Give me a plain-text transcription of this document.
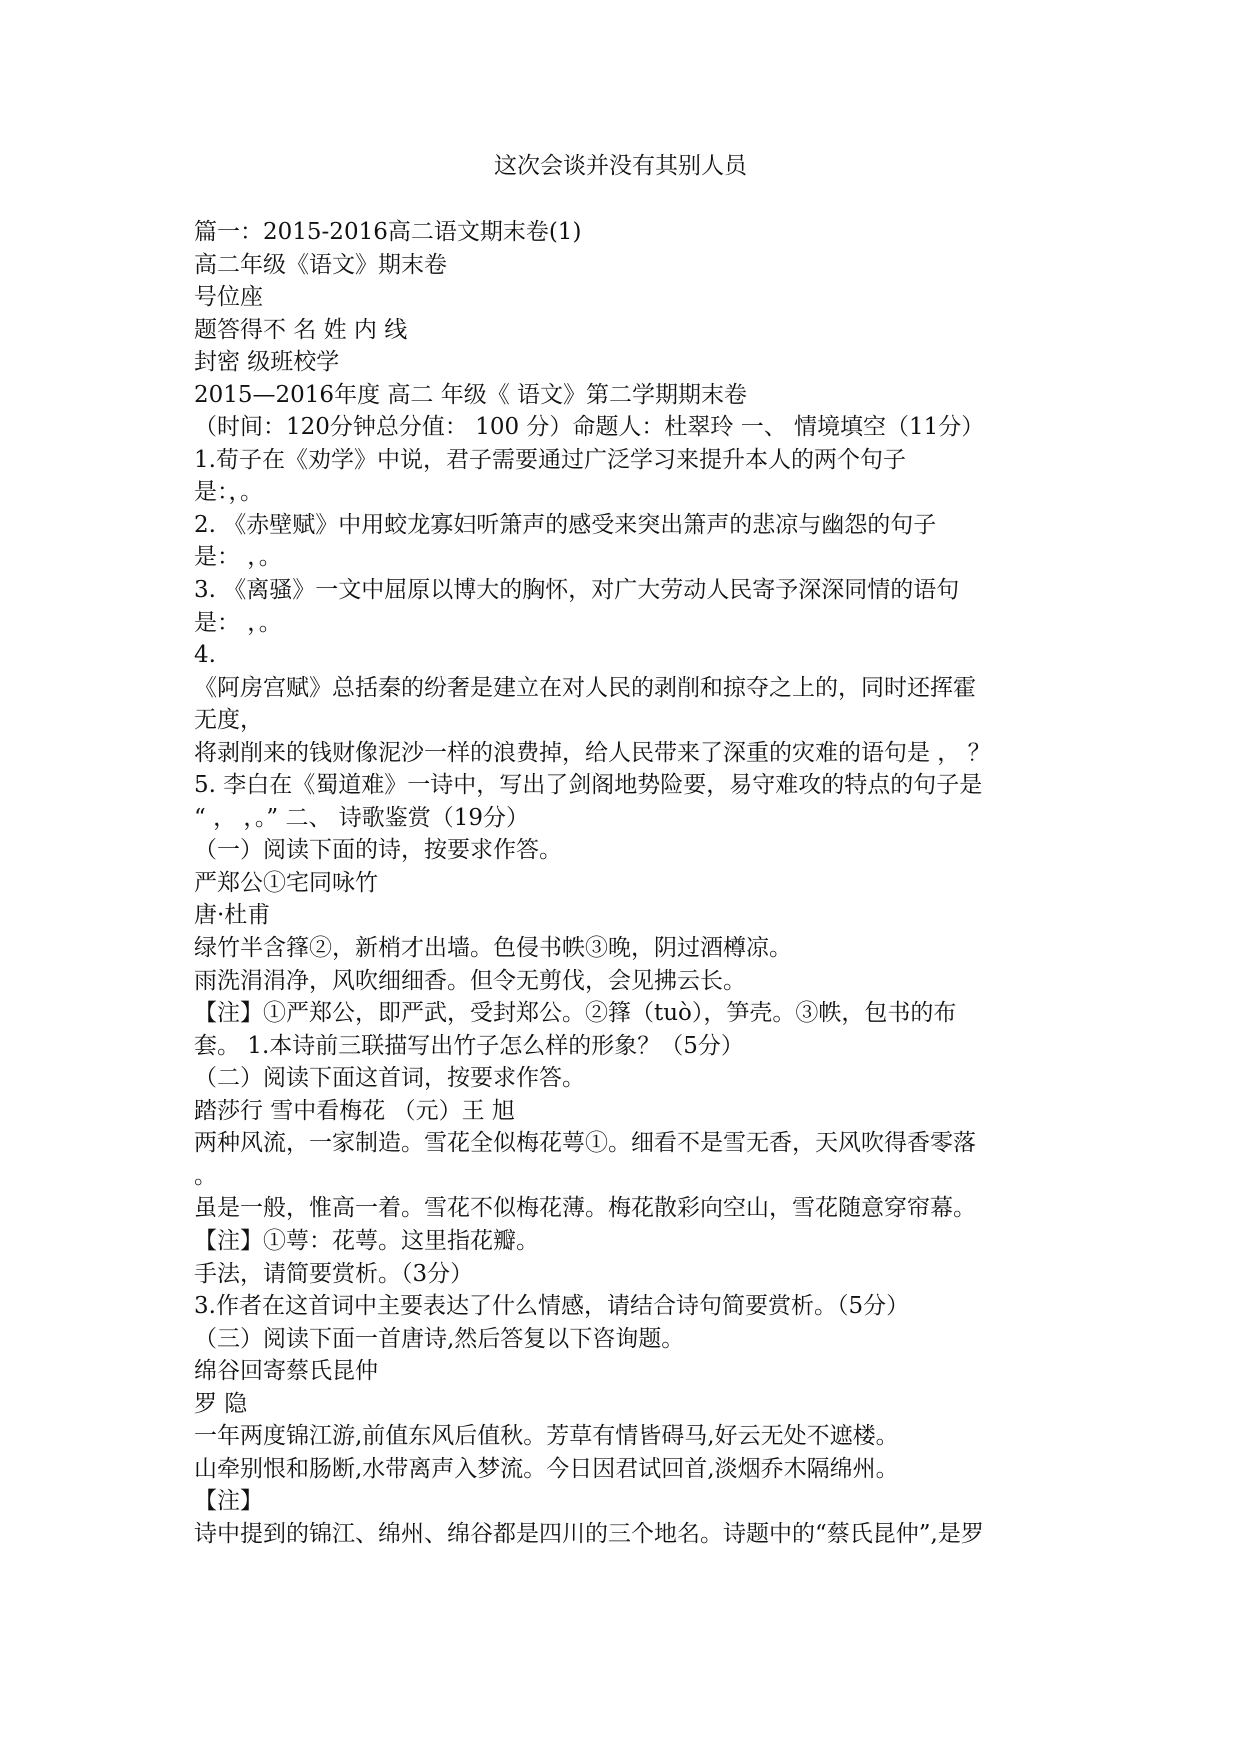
这次会谈并没有其别人员
篇一：2015-2016高二语文期末卷(1)
高二年级《语文》期末卷
号位座
题答得不 名 姓 内 线
封密 级班校学
2015—2016年度 高二 年级《 语文》第二学期期末卷
（时间：120分钟总分值： 100 分）命题人：杜翠玲 一、 情境填空（11分）
1.荀子在《劝学》中说，君子需要通过广泛学习来提升本人的两个句子
是：，。
2. 《赤壁赋》中用蛟龙寡妇听箫声的感受来突出箫声的悲凉与幽怨的句子
是： ，。
3. 《离骚》一文中屈原以博大的胸怀，对广大劳动人民寄予深深同情的语句
是： ，。
4.
《阿房宫赋》总括秦的纷奢是建立在对人民的剥削和掠夺之上的，同时还挥霍
无度，
将剥削来的钱财像泥沙一样的浪费掉，给人民带来了深重的灾难的语句是 ， ？
5. 李白在《蜀道难》一诗中，写出了剑阁地势险要，易守难攻的特点的句子是
“ ， ，。” 二、 诗歌鉴赏（19分）
（一）阅读下面的诗，按要求作答。
严郑公①宅同咏竹
唐·杜甫
绿竹半含箨②，新梢才出墙。色侵书帙③晚，阴过酒樽凉。
雨洗涓涓净，风吹细细香。但令无剪伐，会见拂云长。
【注】①严郑公，即严武，受封郑公。②箨（tuò），笋壳。③帙，包书的布
套。 1.本诗前三联描写出竹子怎么样的形象？（5分）
（二）阅读下面这首词，按要求作答。
踏莎行 雪中看梅花 （元）王 旭
两种风流，一家制造。雪花全似梅花萼①。细看不是雪无香，天风吹得香零落
。
虽是一般，惟高一着。雪花不似梅花薄。梅花散彩向空山，雪花随意穿帘幕。
【注】①萼：花萼。这里指花瓣。
手法，请简要赏析。（3分）
3.作者在这首词中主要表达了什么情感，请结合诗句简要赏析。（5分）
（三）阅读下面一首唐诗,然后答复以下咨询题。
绵谷回寄蔡氏昆仲
罗 隐
一年两度锦江游,前值东风后值秋。芳草有情皆碍马,好云无处不遮楼。
山牵别恨和肠断,水带离声入梦流。今日因君试回首,淡烟乔木隔绵州。
【注】
诗中提到的锦江、绵州、绵谷都是四川的三个地名。诗题中的“蔡氏昆仲”,是罗
